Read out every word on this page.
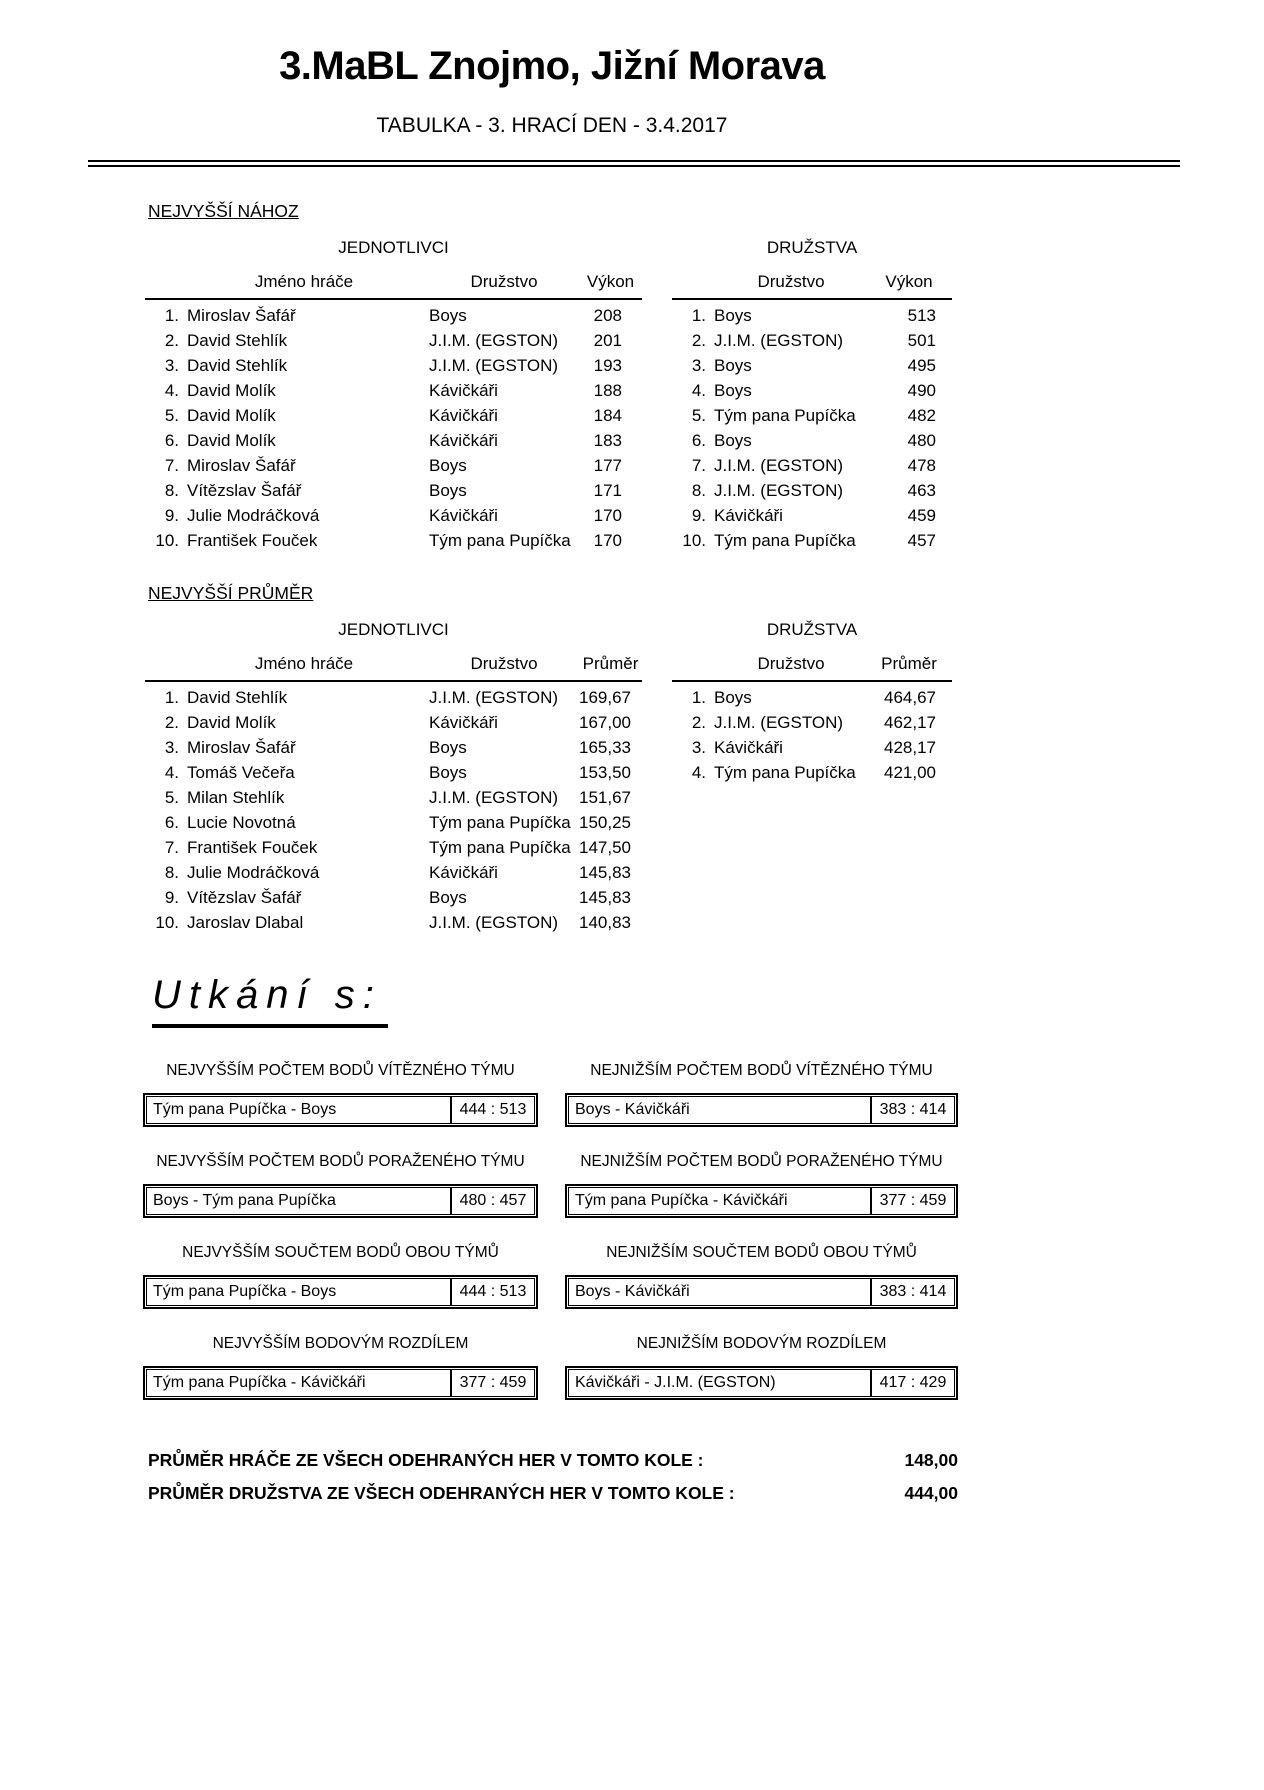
3.MaBL Znojmo, Jižní Morava
TABULKA - 3. HRACÍ DEN - 3.4.2017
NEJVYŠŠÍ NÁHOZ
JEDNOTLIVCI
Jméno hráče	Družstvo	Výkon
1. Miroslav Šafář	Boys	208
2. David Stehlík	J.I.M. (EGSTON)	201
3. David Stehlík	J.I.M. (EGSTON)	193
4. David Molík	Kávičkáři	188
5. David Molík	Kávičkáři	184
6. David Molík	Kávičkáři	183
7. Miroslav Šafář	Boys	177
8. Vítězslav Šafář	Boys	171
9. Julie Modráčková	Kávičkáři	170
10. František Fouček	Tým pana Pupíčka	170
DRUŽSTVA
Družstvo	Výkon
1. Boys	513
2. J.I.M. (EGSTON)	501
3. Boys	495
4. Boys	490
5. Tým pana Pupíčka	482
6. Boys	480
7. J.I.M. (EGSTON)	478
8. J.I.M. (EGSTON)	463
9. Kávičkáři	459
10. Tým pana Pupíčka	457
NEJVYŠŠÍ PRŮMĚR
JEDNOTLIVCI
Jméno hráče	Družstvo	Průměr
1. David Stehlík	J.I.M. (EGSTON)	169,67
2. David Molík	Kávičkáři	167,00
3. Miroslav Šafář	Boys	165,33
4. Tomáš Večeřa	Boys	153,50
5. Milan Stehlík	J.I.M. (EGSTON)	151,67
6. Lucie Novotná	Tým pana Pupíčka 150,25
7. František Fouček	Tým pana Pupíčka 147,50
8. Julie Modráčková	Kávičkáři	145,83
9. Vítězslav Šafář	Boys	145,83
10. Jaroslav Dlabal	J.I.M. (EGSTON)	140,83
DRUŽSTVA
Družstvo	Průměr
1. Boys	464,67
2. J.I.M. (EGSTON)	462,17
3. Kávičkáři	428,17
4. Tým pana Pupíčka	421,00
Utkání s:
NEJVYŠŠÍM POČTEM BODŮ VÍTĚZNÉHO TÝMU
Tým pana Pupíčka - Boys	444 : 513
NEJNIŽŠÍM POČTEM BODŮ VÍTĚZNÉHO TÝMU
Boys - Kávičkáři	383 : 414
NEJVYŠŠÍM POČTEM BODŮ PORAŽENÉHO TÝMU
Boys - Tým pana Pupíčka	480 : 457
NEJNIŽŠÍM POČTEM BODŮ PORAŽENÉHO TÝMU
Tým pana Pupíčka - Kávičkáři	377 : 459
NEJVYŠŠÍM SOUČTEM BODŮ OBOU TÝMŮ
Tým pana Pupíčka - Boys	444 : 513
NEJNIŽŠÍM SOUČTEM BODŮ OBOU TÝMŮ
Boys - Kávičkáři	383 : 414
NEJVYŠŠÍM BODOVÝM ROZDÍLEM
Tým pana Pupíčka - Kávičkáři	377 : 459
NEJNIŽŠÍM BODOVÝM ROZDÍLEM
Kávičkáři - J.I.M. (EGSTON)	417 : 429
PRŮMĚR HRÁČE ZE VŠECH ODEHRANÝCH HER V TOMTO KOLE :	148,00
PRŮMĚR DRUŽSTVA ZE VŠECH ODEHRANÝCH HER V TOMTO KOLE :	444,00
